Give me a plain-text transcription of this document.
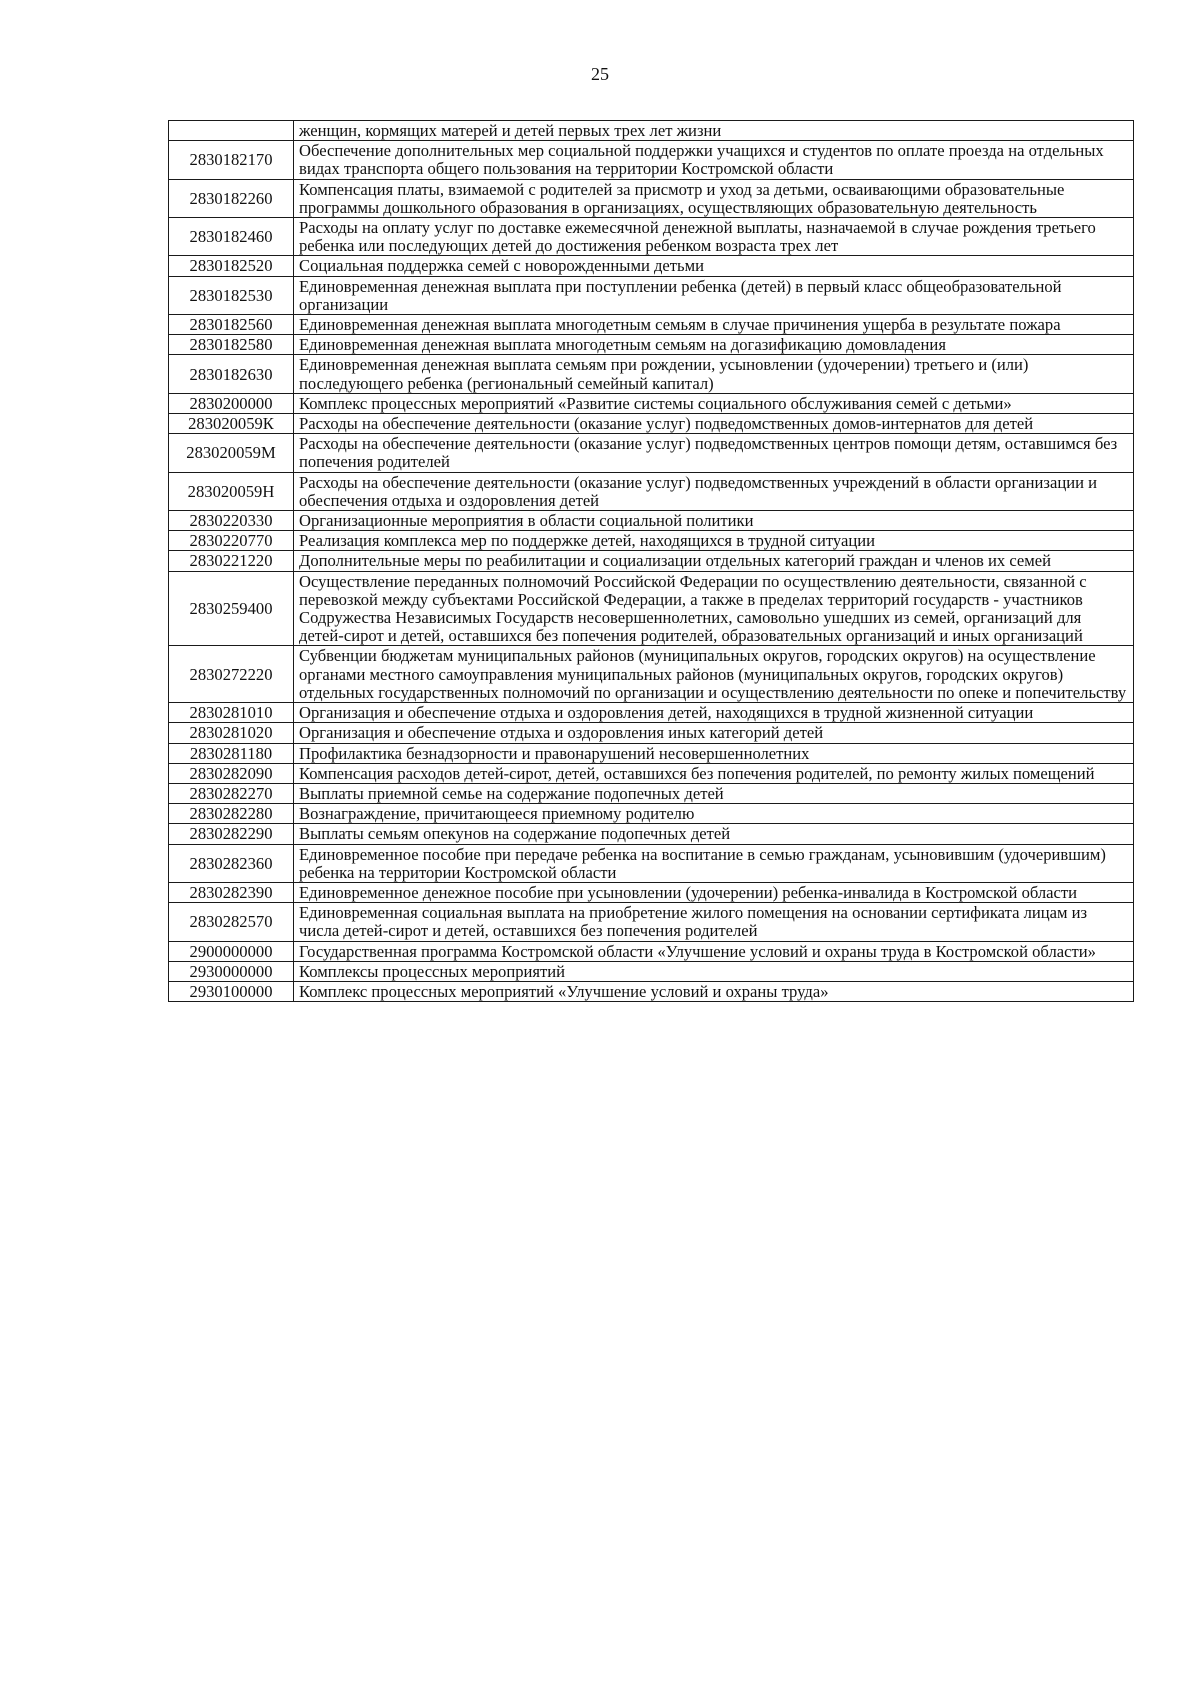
25
	женщин, кормящих матерей и детей первых трех лет жизни
2830182170	Обеспечение дополнительных мер социальной поддержки учащихся и студентов по оплате проезда на отдельных видах транспорта общего пользования на территории Костромской области
2830182260	Компенсация платы, взимаемой с родителей за присмотр и уход за детьми, осваивающими образовательные программы дошкольного образования в организациях, осуществляющих образовательную деятельность
2830182460	Расходы на оплату услуг по доставке ежемесячной денежной выплаты, назначаемой в случае рождения третьего ребенка или последующих детей до достижения ребенком возраста трех лет
2830182520	Социальная поддержка семей с новорожденными детьми
2830182530	Единовременная денежная выплата при поступлении ребенка (детей) в первый класс общеобразовательной организации
2830182560	Единовременная денежная выплата многодетным семьям в случае причинения ущерба в результате пожара
2830182580	Единовременная денежная выплата многодетным семьям на догазификацию домовладения
2830182630	Единовременная денежная выплата семьям при рождении, усыновлении (удочерении) третьего и (или) последующего ребенка (региональный семейный капитал)
2830200000	Комплекс процессных мероприятий «Развитие системы социального обслуживания семей с детьми»
283020059К	Расходы на обеспечение деятельности (оказание услуг) подведомственных домов-интернатов для детей
283020059М	Расходы на обеспечение деятельности (оказание услуг) подведомственных центров помощи детям, оставшимся без попечения родителей
283020059Н	Расходы на обеспечение деятельности (оказание услуг) подведомственных учреждений в области организации и обеспечения отдыха и оздоровления детей
2830220330	Организационные мероприятия в области социальной политики
2830220770	Реализация комплекса мер по поддержке детей, находящихся в трудной ситуации
2830221220	Дополнительные меры по реабилитации и социализации отдельных категорий граждан и членов их семей
2830259400	Осуществление переданных полномочий Российской Федерации по осуществлению деятельности, связанной с перевозкой между субъектами Российской Федерации, а также в пределах территорий государств - участников Содружества Независимых Государств несовершеннолетних, самовольно ушедших из семей, организаций для детей-сирот и детей, оставшихся без попечения родителей, образовательных организаций и иных организаций
2830272220	Субвенции бюджетам муниципальных районов (муниципальных округов, городских округов) на осуществление органами местного самоуправления муниципальных районов (муниципальных округов, городских округов) отдельных государственных полномочий по организации и осуществлению деятельности по опеке и попечительству
2830281010	Организация и обеспечение отдыха и оздоровления детей, находящихся в трудной жизненной ситуации
2830281020	Организация и обеспечение отдыха и оздоровления иных категорий детей
2830281180	Профилактика безнадзорности и правонарушений несовершеннолетних
2830282090	Компенсация расходов детей-сирот, детей, оставшихся без попечения родителей, по ремонту жилых помещений
2830282270	Выплаты приемной семье на содержание подопечных детей
2830282280	Вознаграждение, причитающееся приемному родителю
2830282290	Выплаты семьям опекунов на содержание подопечных детей
2830282360	Единовременное пособие при передаче ребенка на воспитание в семью гражданам, усыновившим (удочерившим) ребенка на территории Костромской области
2830282390	Единовременное денежное пособие при усыновлении (удочерении) ребенка-инвалида в Костромской области
2830282570	Единовременная социальная выплата на приобретение жилого помещения на основании сертификата лицам из числа детей-сирот и детей, оставшихся без попечения родителей
2900000000	Государственная программа Костромской области «Улучшение условий и охраны труда в Костромской области»
2930000000	Комплексы процессных мероприятий
2930100000	Комплекс процессных мероприятий «Улучшение условий и охраны труда»
